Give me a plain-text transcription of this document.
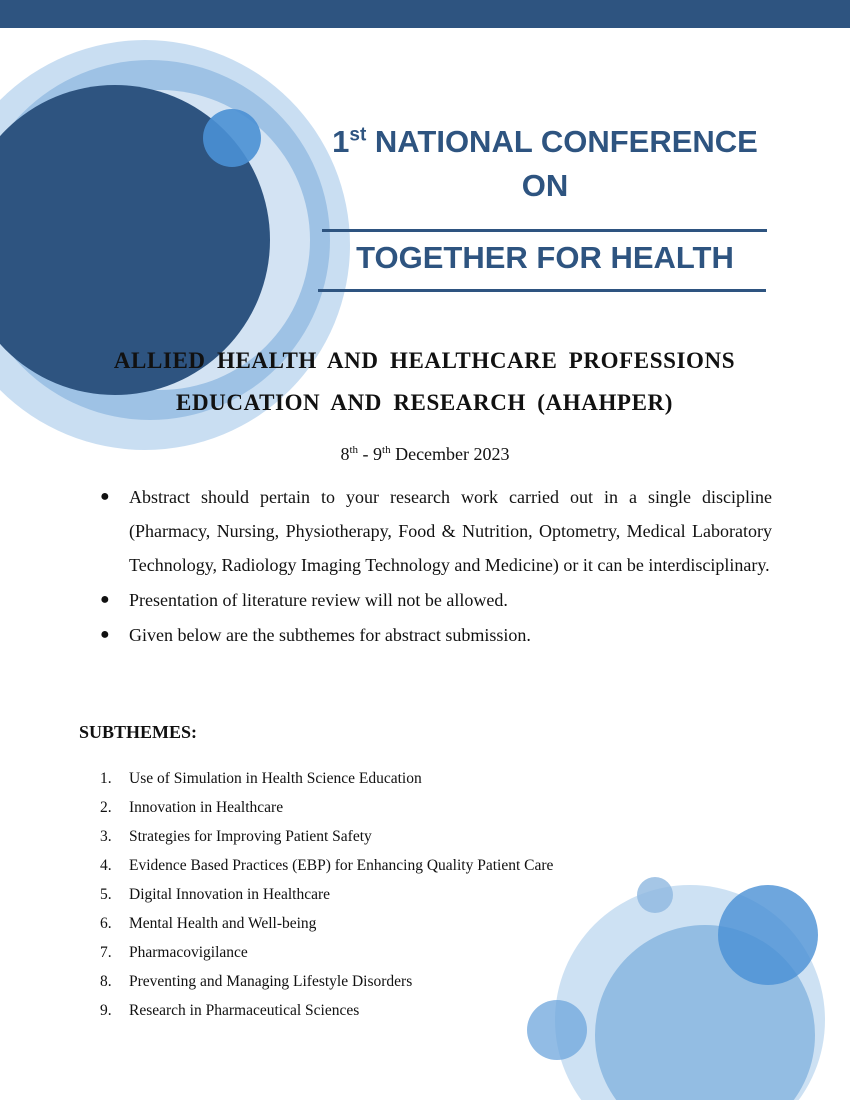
1st NATIONAL CONFERENCE
ON
TOGETHER FOR HEALTH
ALLIED HEALTH AND HEALTHCARE PROFESSIONS
EDUCATION AND RESEARCH (AHAHPER)
8th - 9th December 2023
● Abstract should pertain to your research work carried out in a single discipline (Pharmacy, Nursing, Physiotherapy, Food & Nutrition, Optometry, Medical Laboratory Technology, Radiology Imaging Technology and Medicine) or it can be interdisciplinary.
● Presentation of literature review will not be allowed.
● Given below are the subthemes for abstract submission.
SUBTHEMES:
1. Use of Simulation in Health Science Education
2. Innovation in Healthcare
3. Strategies for Improving Patient Safety
4. Evidence Based Practices (EBP) for Enhancing Quality Patient Care
5. Digital Innovation in Healthcare
6. Mental Health and Well-being
7. Pharmacovigilance
8. Preventing and Managing Lifestyle Disorders
9. Research in Pharmaceutical Sciences
